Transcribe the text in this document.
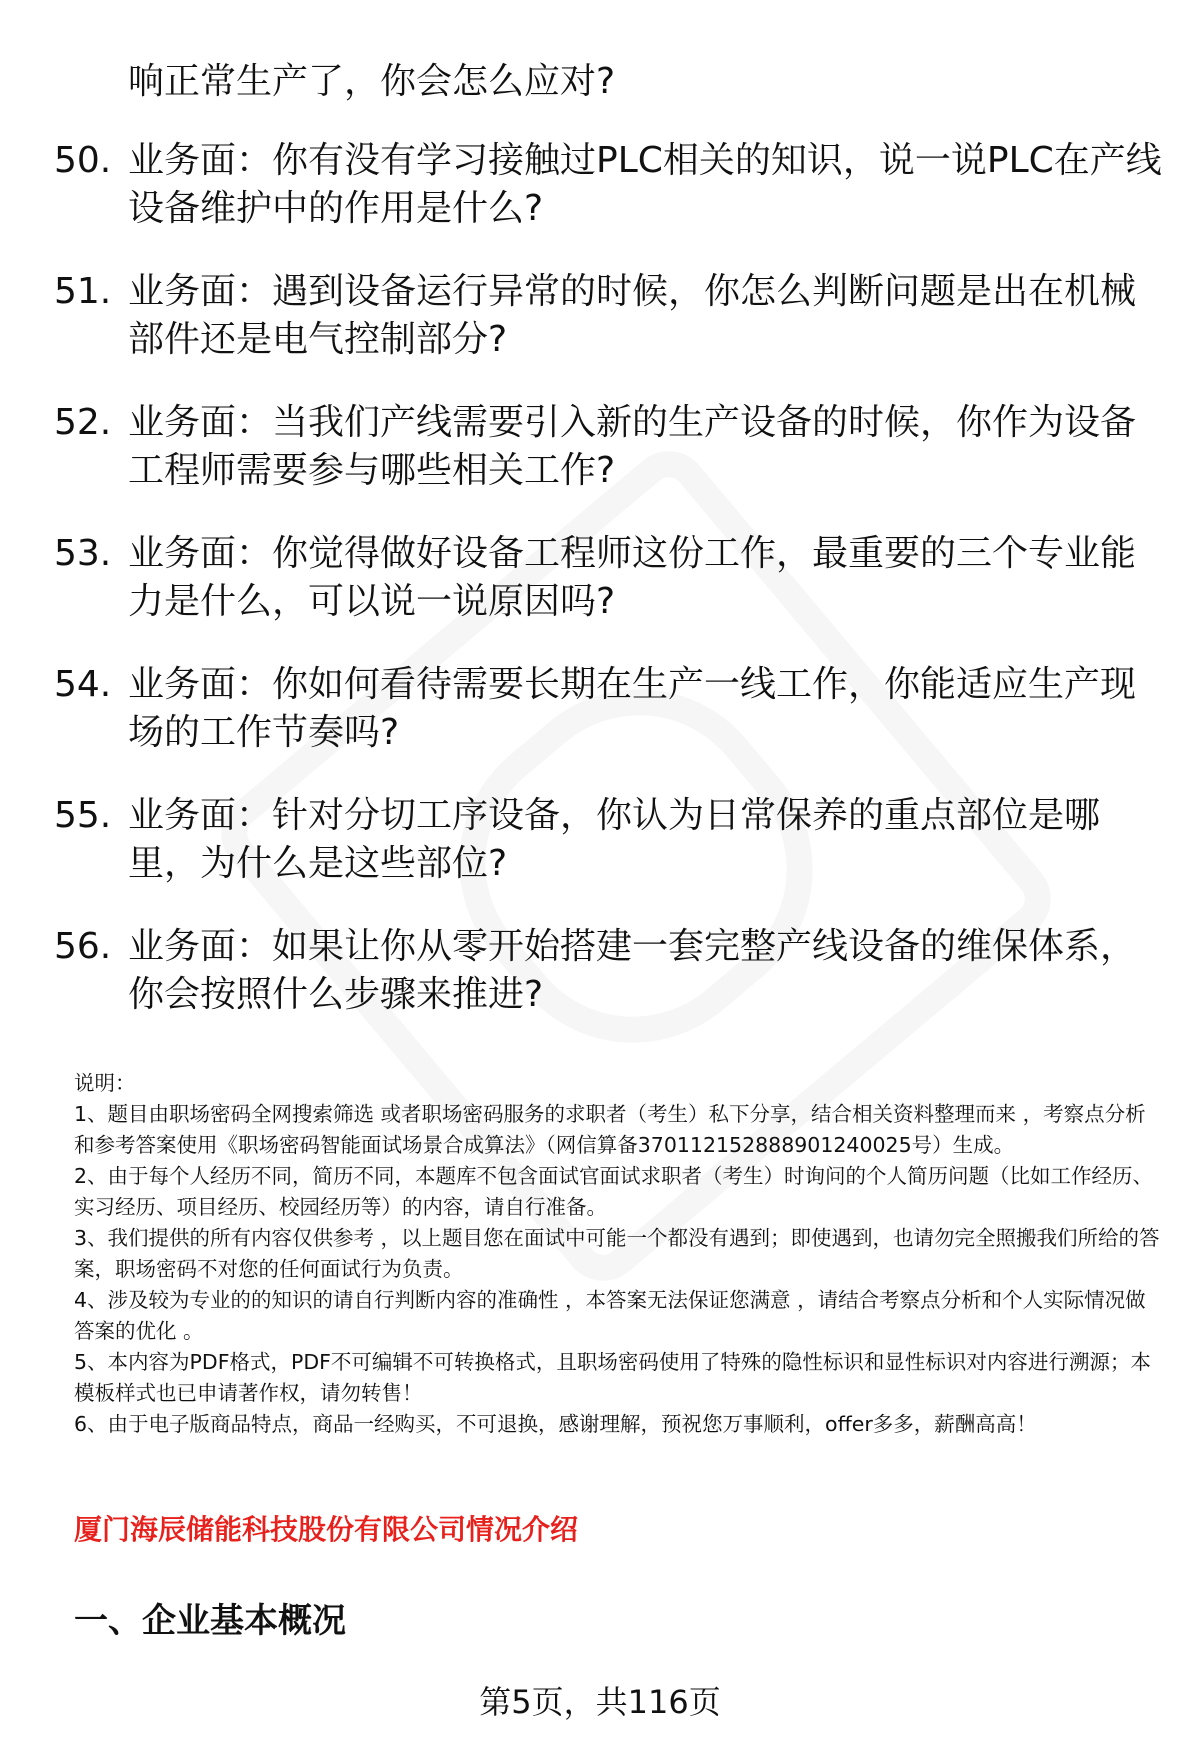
响正常生产了，你会怎么应对?
50. 业务面：你有没有学习接触过PLC相关的知识，说一说PLC在产线设备维护中的作用是什么?
51. 业务面：遇到设备运行异常的时候，你怎么判断问题是出在机械部件还是电气控制部分?
52. 业务面：当我们产线需要引入新的生产设备的时候，你作为设备工程师需要参与哪些相关工作?
53. 业务面：你觉得做好设备工程师这份工作，最重要的三个专业能力是什么，可以说一说原因吗?
54. 业务面：你如何看待需要长期在生产一线工作，你能适应生产现场的工作节奏吗?
55. 业务面：针对分切工序设备，你认为日常保养的重点部位是哪里，为什么是这些部位?
56. 业务面：如果让你从零开始搭建一套完整产线设备的维保体系，你会按照什么步骤来推进?

说明：

1、题目由职场密码全网搜索筛选 或者职场密码服务的求职者（考生）私下分享，结合相关资料整理而来 ，考察点分析和参考答案使用《职场密码智能面试场景合成算法》（网信算备370112152888901240025号）生成。

2、由于每个人经历不同，简历不同，本题库不包含面试官面试求职者（考生）时询问的个人简历问题（比如工作经历、实习经历、项目经历、校园经历等）的内容，请自行准备。

3、我们提供的所有内容仅供参考 ，以上题目您在面试中可能一个都没有遇到；即使遇到，也请勿完全照搬我们所给的答案，职场密码不对您的任何面试行为负责。

4、涉及较为专业的的知识的请自行判断内容的准确性 ，本答案无法保证您满意 ，请结合考察点分析和个人实际情况做答案的优化 。

5、本内容为PDF格式，PDF不可编辑不可转换格式，且职场密码使用了特殊的隐性标识和显性标识对内容进行溯源；本模板样式也已申请著作权，请勿转售！

6、由于电子版商品特点，商品一经购买，不可退换，感谢理解，预祝您万事顺利，offer多多，薪酬高高！

厦门海辰储能科技股份有限公司情况介绍
一、企业基本概况
第5页，共116页
